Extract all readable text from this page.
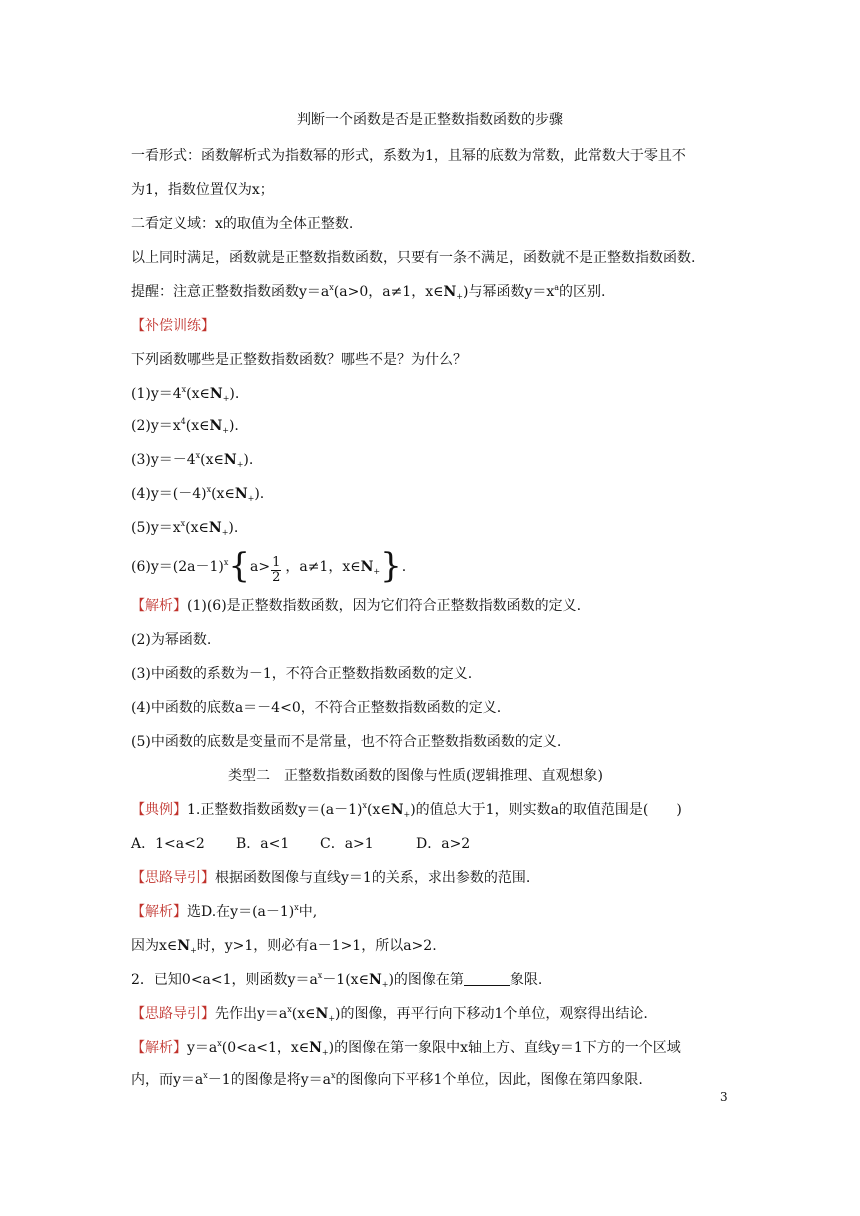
判断一个函数是否是正整数指数函数的步骤
一看形式：函数解析式为指数幂的形式，系数为1，且幂的底数为常数，此常数大于零且不
为1，指数位置仅为x；
二看定义域：x的取值为全体正整数.
以上同时满足，函数就是正整数指数函数，只要有一条不满足，函数就不是正整数指数函数.
提醒：注意正整数指数函数$y=a^x(a>0$，a≠1，$x\in N_+$)与幂函数$y=x^a$的区别.
【补偿训练】
下列函数哪些是正整数指数函数？哪些不是？为什么？
$(1)y=4^x(x\in N_+)$.
$(2)y=x^4(x\in N_+)$.
$(3)y=-4^x(x\in N_+)$.
$(4)y=(-4)^x(x\in N_+)$.
$(5)y=x^x(x\in N_+)$.
$(6)y=(2a-1)^x\{a> \frac{1}{2}$ ，a≠1，$x\in N_+$}.
【解析】(1)(6)是正整数指数函数，因为它们符合正整数指数函数的定义.
(2)为幂函数.
(3)中函数的系数为－1，不符合正整数指数函数的定义.
(4)中函数的底数a＝－4<0，不符合正整数指数函数的定义.
(5)中函数的底数是变量而不是常量，也不符合正整数指数函数的定义.
类型二　正整数指数函数的图像与性质(逻辑推理、直观想象)
【典例】1.正整数指数函数$y=(a-1)^x(x\in N_+)$的值总大于1，则实数a的取值范围是(　　)
A．1<a<2 B．a<1 C．a>1	D．a>2
【思路导引】根据函数图像与直线y＝1的关系，求出参数的范围.
【解析】选D.在$y=(a-1)^x$中,
因为$x\in N_+$时，y>1，则必有a－1>1，所以a>2.
2．已知0<a<1，则函数$y=a^x-1(x\in N_+)$的图像在第	象限.
【思路导引】先作出$y=a^x(x\in N_+)$的图像，再平行向下移动1个单位，观察得出结论.
【解析】$y=a^x(0<a<1$，$x\in N_+$)的图像在第一象限中x轴上方、直线y＝1下方的一个区域
内，而$y=a^x-1$的图像是将$y=a^x$的图像向下平移1个单位，因此，图像在第四象限.
3
